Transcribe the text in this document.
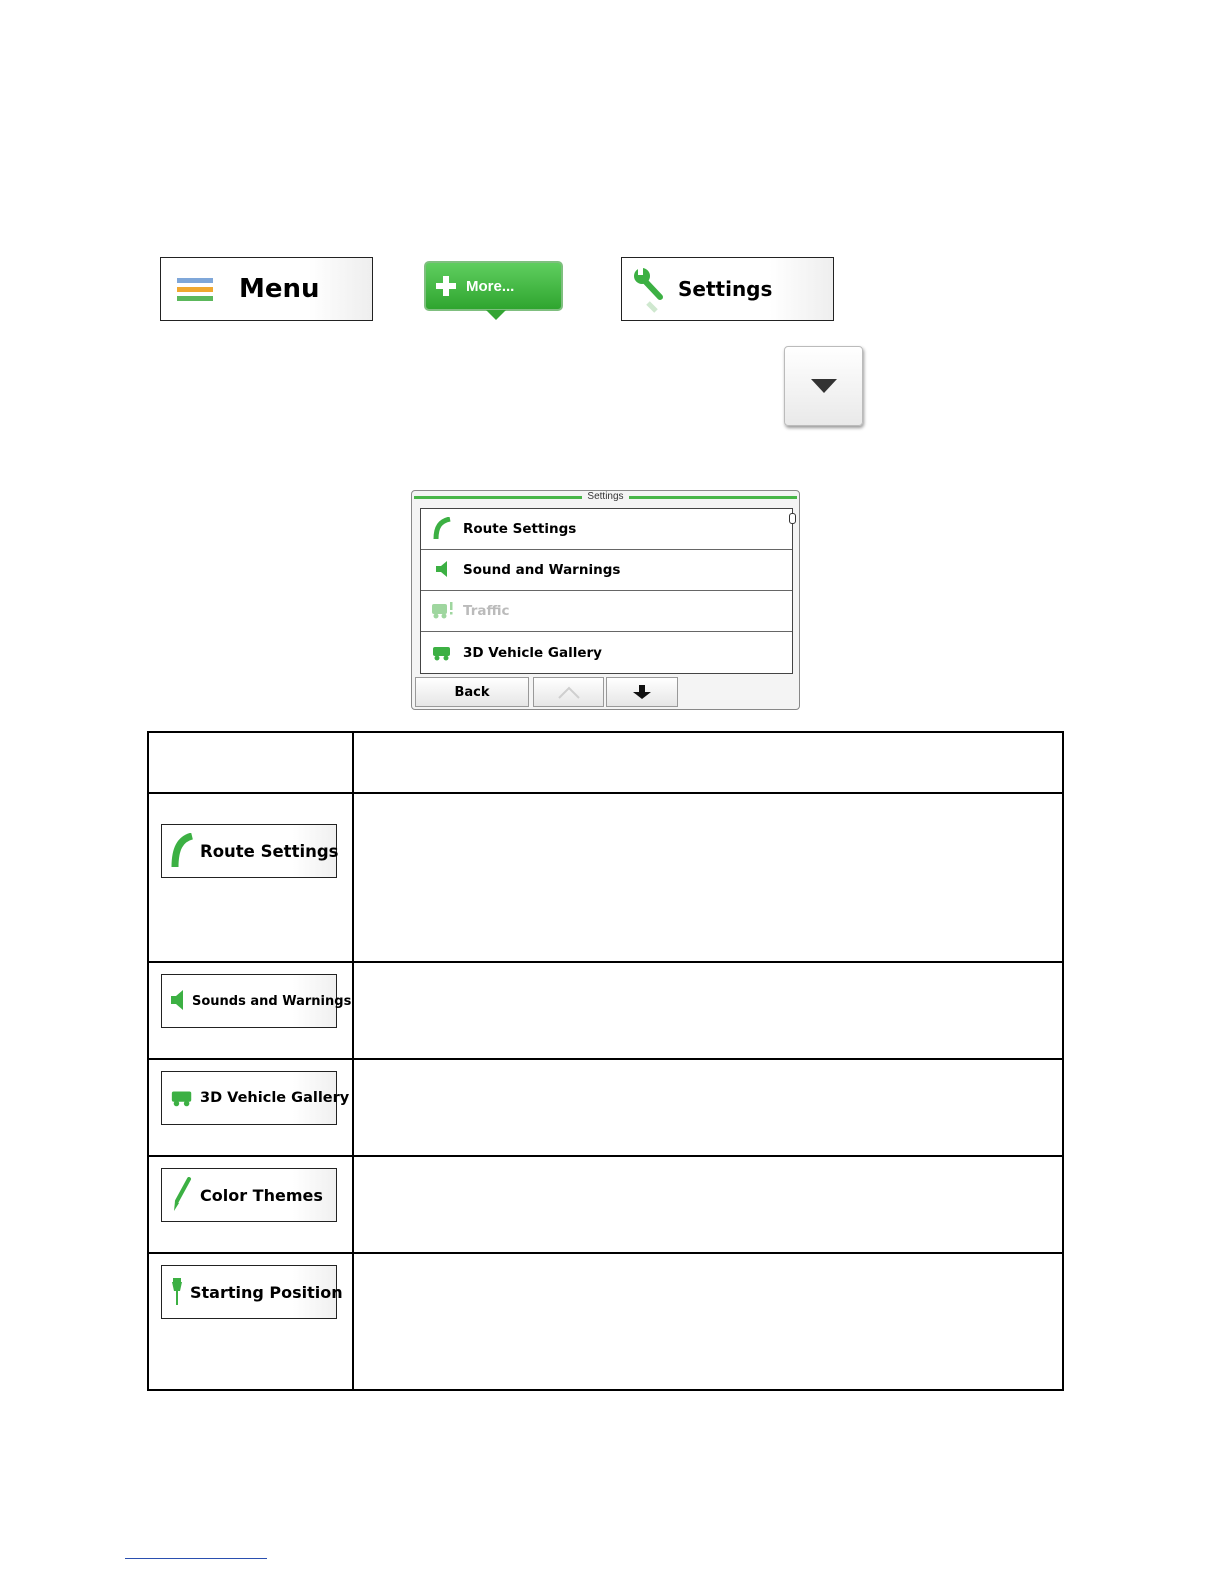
Menu	More...	Settings
Settings
Route Settings
Sound and Warnings
Traffic
3D Vehicle Gallery
Back

Route Settings	

Sounds and Warnings	

3D Vehicle Gallery	

Color Themes	

Starting Position	
